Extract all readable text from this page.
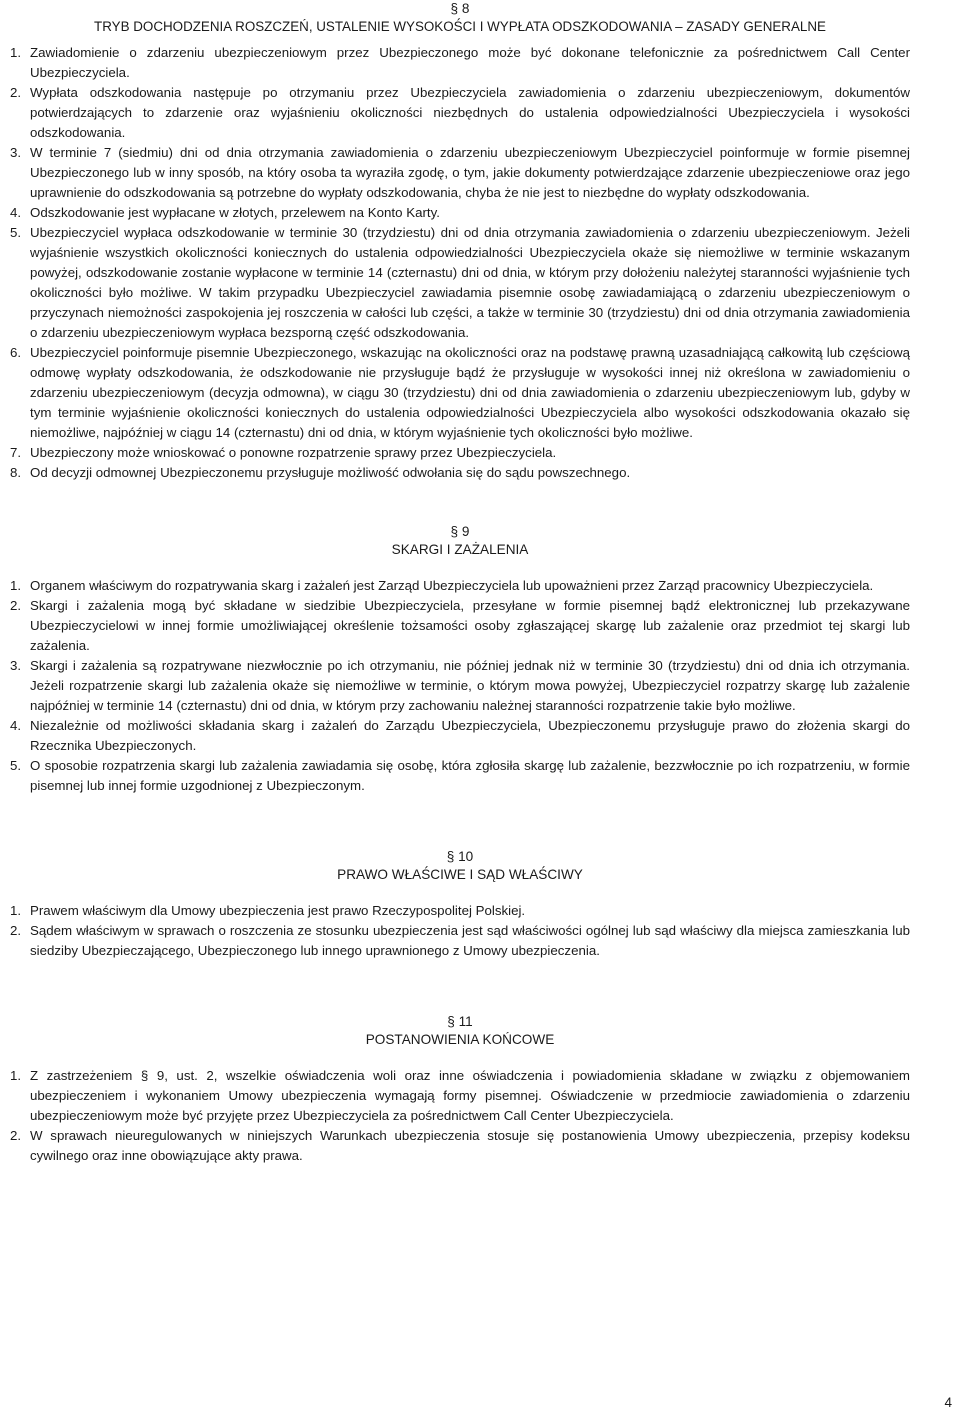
§ 8
TRYB DOCHODZENIA ROSZCZEŃ, USTALENIE WYSOKOŚCI I WYPŁATA ODSZKODOWANIA – ZASADY GENERALNE
1. Zawiadomienie o zdarzeniu ubezpieczeniowym przez Ubezpieczonego może być dokonane telefonicznie za pośrednictwem Call Center Ubezpieczyciela.
2. Wypłata odszkodowania następuje po otrzymaniu przez Ubezpieczyciela zawiadomienia o zdarzeniu ubezpieczeniowym, dokumentów potwierdzających to zdarzenie oraz wyjaśnieniu okoliczności niezbędnych do ustalenia odpowiedzialności Ubezpieczyciela i wysokości odszkodowania.
3. W terminie 7 (siedmiu) dni od dnia otrzymania zawiadomienia o zdarzeniu ubezpieczeniowym Ubezpieczyciel poinformuje w formie pisemnej Ubezpieczonego lub w inny sposób, na który osoba ta wyraziła zgodę, o tym, jakie dokumenty potwierdzające zdarzenie ubezpieczeniowe oraz jego uprawnienie do odszkodowania są potrzebne do wypłaty odszkodowania, chyba że nie jest to niezbędne do wypłaty odszkodowania.
4. Odszkodowanie jest wypłacane w złotych, przelewem na Konto Karty.
5. Ubezpieczyciel wypłaca odszkodowanie w terminie 30 (trzydziestu) dni od dnia otrzymania zawiadomienia o zdarzeniu ubezpieczeniowym. Jeżeli wyjaśnienie wszystkich okoliczności koniecznych do ustalenia odpowiedzialności Ubezpieczyciela okaże się niemożliwe w terminie wskazanym powyżej, odszkodowanie zostanie wypłacone w terminie 14 (czternastu) dni od dnia, w którym przy dołożeniu należytej staranności wyjaśnienie tych okoliczności było możliwe. W takim przypadku Ubezpieczyciel zawiadamia pisemnie osobę zawiadamiającą o zdarzeniu ubezpieczeniowym o przyczynach niemożności zaspokojenia jej roszczenia w całości lub części, a także w terminie 30 (trzydziestu) dni od dnia otrzymania zawiadomienia o zdarzeniu ubezpieczeniowym wypłaca bezsporną część odszkodowania.
6. Ubezpieczyciel poinformuje pisemnie Ubezpieczonego, wskazując na okoliczności oraz na podstawę prawną uzasadniającą całkowitą lub częściową odmowę wypłaty odszkodowania, że odszkodowanie nie przysługuje bądź że przysługuje w wysokości innej niż określona w zawiadomieniu o zdarzeniu ubezpieczeniowym (decyzja odmowna), w ciągu 30 (trzydziestu) dni od dnia zawiadomienia o zdarzeniu ubezpieczeniowym lub, gdyby w tym terminie wyjaśnienie okoliczności koniecznych do ustalenia odpowiedzialności Ubezpieczyciela albo wysokości odszkodowania okazało się niemożliwe, najpóźniej w ciągu 14 (czternastu) dni od dnia, w którym wyjaśnienie tych okoliczności było możliwe.
7. Ubezpieczony może wnioskować o ponowne rozpatrzenie sprawy przez Ubezpieczyciela.
8. Od decyzji odmownej Ubezpieczonemu przysługuje możliwość odwołania się do sądu powszechnego.
§ 9
SKARGI I ZAŻALENIA
1. Organem właściwym do rozpatrywania skarg i zażaleń jest Zarząd Ubezpieczyciela lub upoważnieni przez Zarząd pracownicy Ubezpieczyciela.
2. Skargi i zażalenia mogą być składane w siedzibie Ubezpieczyciela, przesyłane w formie pisemnej bądź elektronicznej lub przekazywane Ubezpieczycielowi w innej formie umożliwiającej określenie tożsamości osoby zgłaszającej skargę lub zażalenie oraz przedmiot tej skargi lub zażalenia.
3. Skargi i zażalenia są rozpatrywane niezwłocznie po ich otrzymaniu, nie później jednak niż w terminie 30 (trzydziestu) dni od dnia ich otrzymania. Jeżeli rozpatrzenie skargi lub zażalenia okaże się niemożliwe w terminie, o którym mowa powyżej, Ubezpieczyciel rozpatrzy skargę lub zażalenie najpóźniej w terminie 14 (czternastu) dni od dnia, w którym przy zachowaniu należnej staranności rozpatrzenie takie było możliwe.
4. Niezależnie od możliwości składania skarg i zażaleń do Zarządu Ubezpieczyciela, Ubezpieczonemu przysługuje prawo do złożenia skargi do Rzecznika Ubezpieczonych.
5. O sposobie rozpatrzenia skargi lub zażalenia zawiadamia się osobę, która zgłosiła skargę lub zażalenie, bezzwłocznie po ich rozpatrzeniu, w formie pisemnej lub innej formie uzgodnionej z Ubezpieczonym.
§ 10
PRAWO WŁAŚCIWE I SĄD WŁAŚCIWY
1. Prawem właściwym dla Umowy ubezpieczenia jest prawo Rzeczypospolitej Polskiej.
2. Sądem właściwym w sprawach o roszczenia ze stosunku ubezpieczenia jest sąd właściwości ogólnej lub sąd właściwy dla miejsca zamieszkania lub siedziby Ubezpieczającego, Ubezpieczonego lub innego uprawnionego z Umowy ubezpieczenia.
§ 11
POSTANOWIENIA KOŃCOWE
1. Z zastrzeżeniem § 9, ust. 2, wszelkie oświadczenia woli oraz inne oświadczenia i powiadomienia składane w związku z objemowaniem ubezpieczeniem i wykonaniem Umowy ubezpieczenia wymagają formy pisemnej. Oświadczenie w przedmiocie zawiadomienia o zdarzeniu ubezpieczeniowym może być przyjęte przez Ubezpieczyciela za pośrednictwem Call Center Ubezpieczyciela.
2. W sprawach nieuregulowanych w niniejszych Warunkach ubezpieczenia stosuje się postanowienia Umowy ubezpieczenia, przepisy kodeksu cywilnego oraz inne obowiązujące akty prawa.
4
